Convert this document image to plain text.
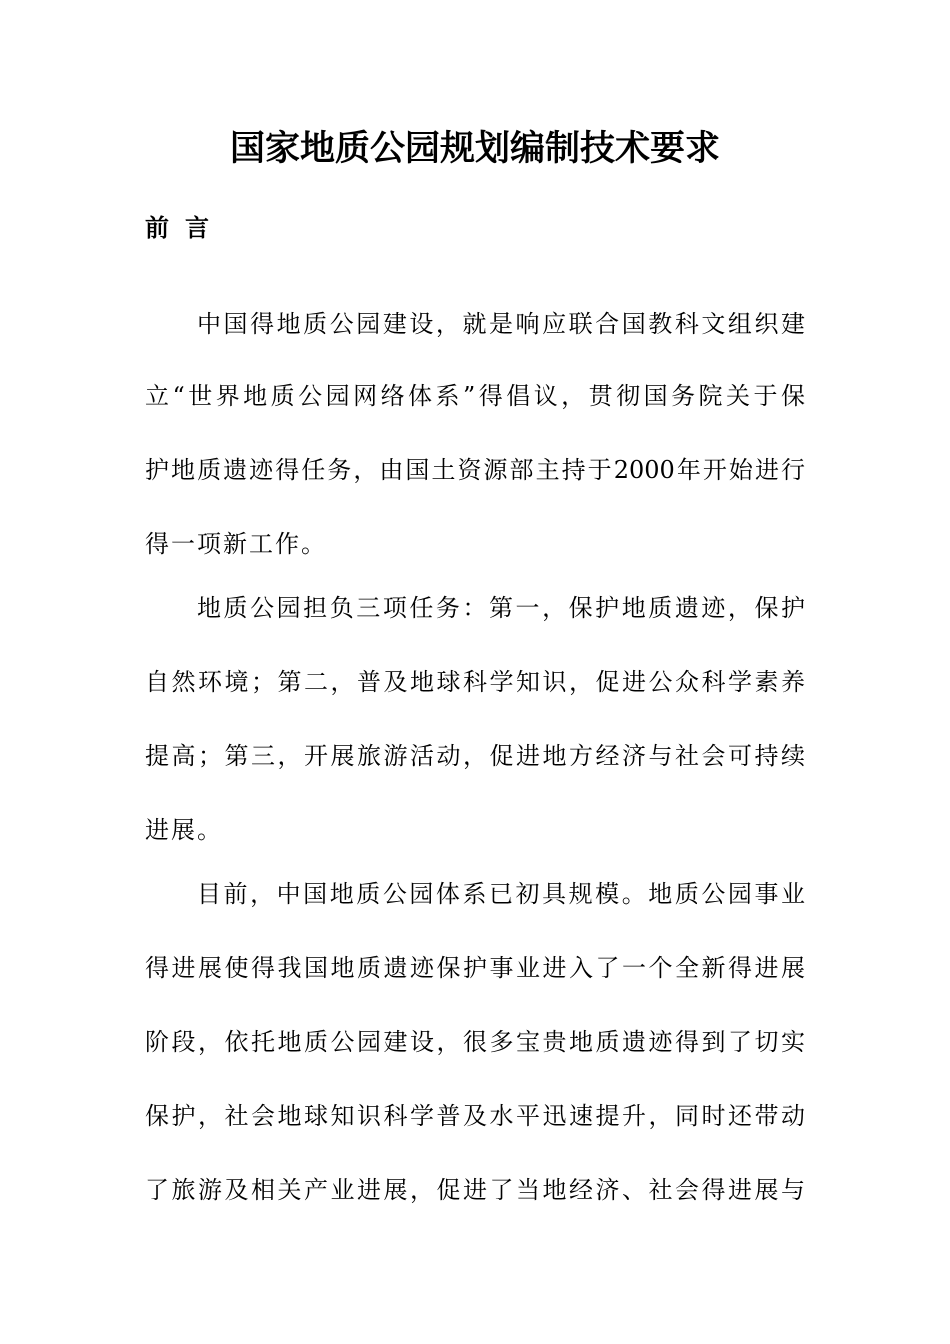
国家地质公园规划编制技术要求
前言
中国得地质公园建设，就是响应联合国教科文组织建
立“世界地质公园网络体系”得倡议，贯彻国务院关于保
护地质遗迹得任务，由国土资源部主持于2000年开始进行
得一项新工作。
地质公园担负三项任务：第一，保护地质遗迹，保护
自然环境；第二，普及地球科学知识，促进公众科学素养
提高；第三，开展旅游活动，促进地方经济与社会可持续
进展。
目前，中国地质公园体系已初具规模。地质公园事业
得进展使得我国地质遗迹保护事业进入了一个全新得进展
阶段，依托地质公园建设，很多宝贵地质遗迹得到了切实
保护，社会地球知识科学普及水平迅速提升，同时还带动
了旅游及相关产业进展，促进了当地经济、社会得进展与
